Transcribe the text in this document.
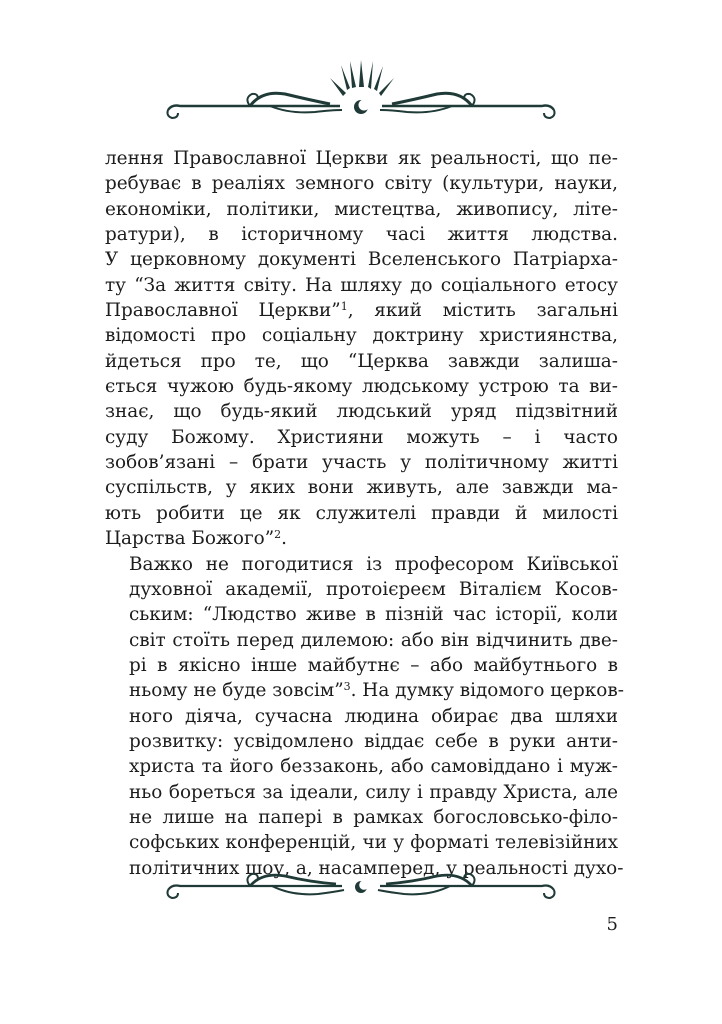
лення Православної Церкви як реальності, що пе-
ребуває в реаліях земного світу (культури, науки,
економіки, політики, мистецтва, живопису, літе-
ратури), в історичному часі життя людства.
У церковному документі Вселенського Патріарха-
ту “За життя світу. На шляху до соціального етосу
Православної Церкви”$^1$, який містить загальні
відомості про соціальну доктрину християнства,
йдеться про те, що “Церква завжди залиша-
ється чужою будь-якому людському устрою та ви-
знає, що будь-який людський уряд підзвітний
суду Божому. Християни можуть – і часто
зобов’язані – брати участь у політичному житті
суспільств, у яких вони живуть, але завжди ма-
ють робити це як служителі правди й милості
Царства Божого”$^2$.

Важко не погодитися із професором Київської
духовної академії, протоієреєм Віталієм Косов-
ським: “Людство живе в пізній час історії, коли
світ стоїть перед дилемою: або він відчинить две-
рі в якісно інше майбутнє – або майбутнього в
ньому не буде зовсім”$^3$. На думку відомого церков-
ного діяча, сучасна людина обирає два шляхи
розвитку: усвідомлено віддає себе в руки анти-
христа та його беззаконь, або самовіддано і муж-
ньо бореться за ідеали, силу і правду Христа, але
не лише на папері в рамках богословсько-філо-
софських конференцій, чи у форматі телевізійних
політичних шоу, а, насамперед, у реальності духо-

5
